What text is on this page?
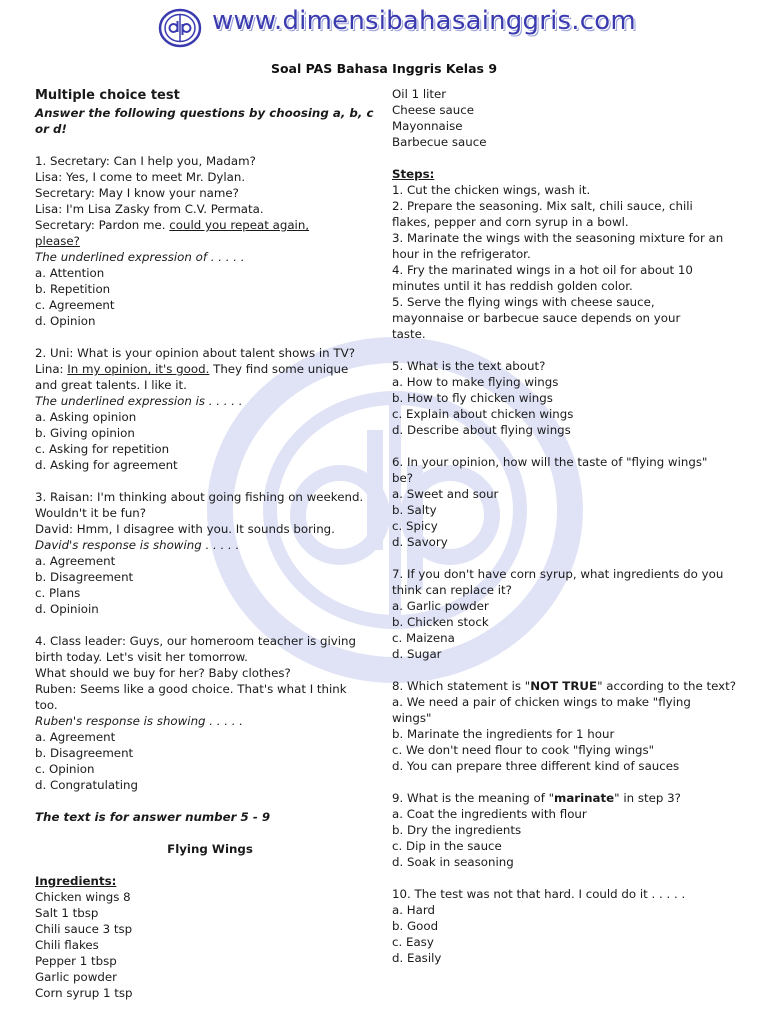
www.dimensibahasainggris.com
Soal PAS Bahasa Inggris Kelas 9

Multiple choice test

Answer the following questions by choosing a, b, c or d!

1. Secretary: Can I help you, Madam?

Lisa: Yes, I come to meet Mr. Dylan.

Secretary: May I know your name?

Lisa: I'm Lisa Zasky from C.V. Permata.

Secretary: Pardon me. could you repeat again,

please?

The underlined expression of . . . . .

a. Attention

b. Repetition

c. Agreement

d. Opinion

2. Uni: What is your opinion about talent shows in TV?

Lina: In my opinion, it's good. They find some unique

and great talents. I like it.

The underlined expression is . . . . .

a. Asking opinion

b. Giving opinion

c. Asking for repetition

d. Asking for agreement

3. Raisan: I'm thinking about going fishing on weekend.

Wouldn't it be fun?

David: Hmm, I disagree with you. It sounds boring.

David's response is showing . . . . .

a. Agreement

b. Disagreement

c. Plans

d. Opinioin

4. Class leader: Guys, our homeroom teacher is giving

birth today. Let's visit her tomorrow.

What should we buy for her? Baby clothes?

Ruben: Seems like a good choice. That's what I think

too.

Ruben's response is showing . . . . .

a. Agreement

b. Disagreement

c. Opinion

d. Congratulating

The text is for answer number 5 - 9

Flying Wings

Ingredients:

Chicken wings 8

Salt 1 tbsp

Chili sauce 3 tsp

Chili flakes

Pepper 1 tbsp

Garlic powder

Corn syrup 1 tsp

Oil 1 liter

Cheese sauce

Mayonnaise

Barbecue sauce

Steps:

1. Cut the chicken wings, wash it.

2. Prepare the seasoning. Mix salt, chili sauce, chili

flakes, pepper and corn syrup in a bowl.

3. Marinate the wings with the seasoning mixture for an

hour in the refrigerator.

4. Fry the marinated wings in a hot oil for about 10

minutes until it has reddish golden color.

5. Serve the flying wings with cheese sauce,

mayonnaise or barbecue sauce depends on your

taste.

5. What is the text about?

a. How to make flying wings

b. How to fly chicken wings

c. Explain about chicken wings

d. Describe about flying wings

6. In your opinion, how will the taste of "flying wings"

be?

a. Sweet and sour

b. Salty

c. Spicy

d. Savory

7. If you don't have corn syrup, what ingredients do you

think can replace it?

a. Garlic powder

b. Chicken stock

c. Maizena

d. Sugar

8. Which statement is "NOT TRUE" according to the text?

a. We need a pair of chicken wings to make "flying

wings"

b. Marinate the ingredients for 1 hour

c. We don't need flour to cook "flying wings"

d. You can prepare three different kind of sauces

9. What is the meaning of "marinate" in step 3?

a. Coat the ingredients with flour

b. Dry the ingredients

c. Dip in the sauce

d. Soak in seasoning

10. The test was not that hard. I could do it . . . . .

a. Hard

b. Good

c. Easy

d. Easily
